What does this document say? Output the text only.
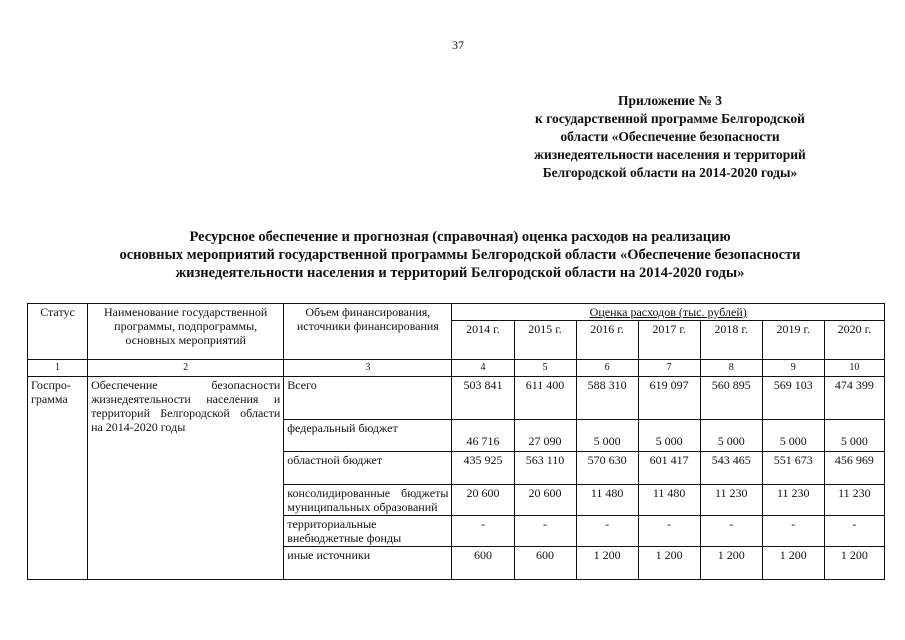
37
Приложение № 3
к государственной программе Белгородской
области «Обеспечение безопасности
жизнедеятельности населения и территорий
Белгородской области на 2014-2020 годы»
Ресурсное обеспечение и прогнозная (справочная) оценка расходов на реализацию
основных мероприятий государственной программы Белгородской области «Обеспечение безопасности
жизнедеятельности населения и территорий Белгородской области на 2014-2020 годы»
Статус	Наименование государственной программы, подпрограммы, основных мероприятий	Объем финансирования, источники финансирования	Оценка расходов (тыс. рублей)						
			2014 г.	2015 г.	2016 г.	2017 г.	2018 г.	2019 г.	2020 г.
1	2	3	4	5	6	7	8	9	10
Госпро-грамма	Обеспечение безопасности жизнедеятельности населения и территорий Белгородской области на 2014-2020 годы	Всего	503 841	611 400	588 310	619 097	560 895	569 103	474 399
		федеральный бюджет	46 716	27 090	5 000	5 000	5 000	5 000	5 000
		областной бюджет	435 925	563 110	570 630	601 417	543 465	551 673	456 969
		консолидированные бюджеты муниципальных образований	20 600	20 600	11 480	11 480	11 230	11 230	11 230
		территориальные внебюджетные фонды	-	-	-	-	-	-	-
		иные источники	600	600	1 200	1 200	1 200	1 200	1 200
